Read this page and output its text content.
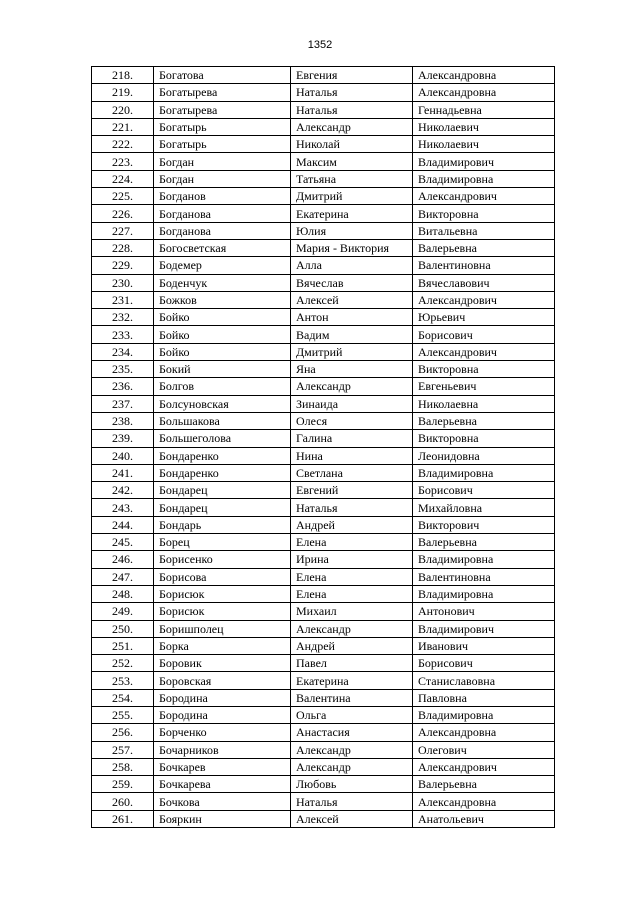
1352
218.	Богатова	Евгения	Александровна
219.	Богатырева	Наталья	Александровна
220.	Богатырева	Наталья	Геннадьевна
221.	Богатырь	Александр	Николаевич
222.	Богатырь	Николай	Николаевич
223.	Богдан	Максим	Владимирович
224.	Богдан	Татьяна	Владимировна
225.	Богданов	Дмитрий	Александрович
226.	Богданова	Екатерина	Викторовна
227.	Богданова	Юлия	Витальевна
228.	Богосветская	Мария - Виктория	Валерьевна
229.	Бодемер	Алла	Валентиновна
230.	Боденчук	Вячеслав	Вячеславович
231.	Божков	Алексей	Александрович
232.	Бойко	Антон	Юрьевич
233.	Бойко	Вадим	Борисович
234.	Бойко	Дмитрий	Александрович
235.	Бокий	Яна	Викторовна
236.	Болгов	Александр	Евгеньевич
237.	Болсуновская	Зинаида	Николаевна
238.	Большакова	Олеся	Валерьевна
239.	Большеголова	Галина	Викторовна
240.	Бондаренко	Нина	Леонидовна
241.	Бондаренко	Светлана	Владимировна
242.	Бондарец	Евгений	Борисович
243.	Бондарец	Наталья	Михайловна
244.	Бондарь	Андрей	Викторович
245.	Борец	Елена	Валерьевна
246.	Борисенко	Ирина	Владимировна
247.	Борисова	Елена	Валентиновна
248.	Борисюк	Елена	Владимировна
249.	Борисюк	Михаил	Антонович
250.	Боришполец	Александр	Владимирович
251.	Борка	Андрей	Иванович
252.	Боровик	Павел	Борисович
253.	Боровская	Екатерина	Станиславовна
254.	Бородина	Валентина	Павловна
255.	Бородина	Ольга	Владимировна
256.	Борченко	Анастасия	Александровна
257.	Бочарников	Александр	Олегович
258.	Бочкарев	Александр	Александрович
259.	Бочкарева	Любовь	Валерьевна
260.	Бочкова	Наталья	Александровна
261.	Бояркин	Алексей	Анатольевич
